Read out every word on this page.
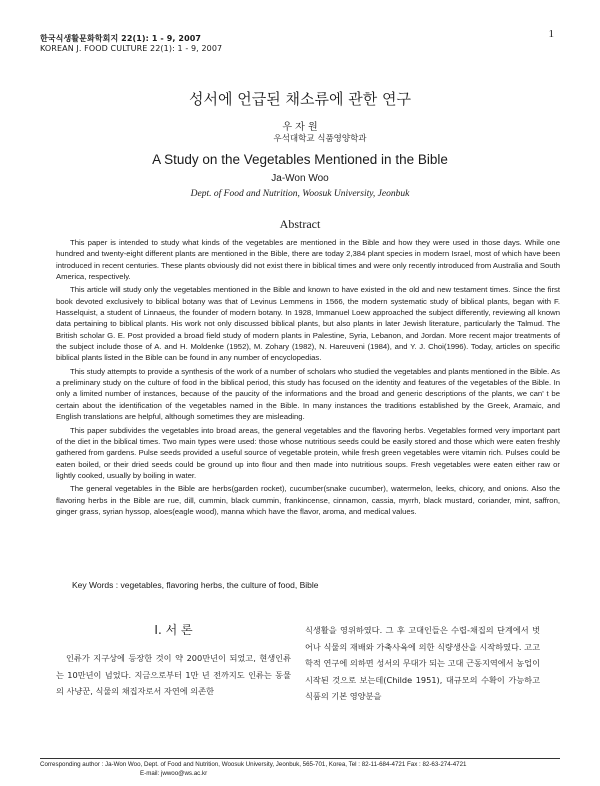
한국식생활문화학회지 22(1): 1 - 9, 2007
KOREAN J. FOOD CULTURE 22(1): 1 - 9, 2007
1
성서에 언급된 채소류에 관한 연구
우 자 원
우석대학교 식품영양학과
A Study on the Vegetables Mentioned in the Bible
Ja-Won Woo
Dept. of Food and Nutrition, Woosuk University, Jeonbuk
Abstract

This paper is intended to study what kinds of the vegetables are mentioned in the Bible and how they were used in those days. While one hundred and twenty-eight different plants are mentioned in the Bible, there are today 2,384 plant species in modern Israel, most of which have been introduced in recent centuries. These plants obviously did not exist there in biblical times and were only recently introduced from Australia and South America, respectively.

This article will study only the vegetables mentioned in the Bible and known to have existed in the old and new testament times. Since the first book devoted exclusively to biblical botany was that of Levinus Lemmens in 1566, the modern systematic study of biblical plants, began with F. Hasselquist, a student of Linnaeus, the founder of modern botany. In 1928, Immanuel Loew approached the subject differently, reviewing all known data pertaining to biblical plants. His work not only discussed biblical plants, but also plants in later Jewish literature, particularly the Talmud. The British scholar G. E. Post provided a broad field study of modern plants in Palestine, Syria, Lebanon, and Jordan. More recent major treatments of the subject include those of A. and H. Moldenke (1952), M. Zohary (1982), N. Hareuveni (1984), and Y. J. Choi(1996). Today, articles on specific biblical plants listed in the Bible can be found in any number of encyclopedias.

This study attempts to provide a synthesis of the work of a number of scholars who studied the vegetables and plants mentioned in the Bible. As a preliminary study on the culture of food in the biblical period, this study has focused on the identity and features of the vegetables of the Bible. In only a limited number of instances, because of the paucity of the informations and the broad and generic descriptions of the plants, we can' t be certain about the identification of the vegetables named in the Bible. In many instances the traditions established by the Greek, Aramaic, and English translations are helpful, although sometimes they are misleading.

This paper subdivides the vegetables into broad areas, the general vegetables and the flavoring herbs. Vegetables formed very important part of the diet in the biblical times. Two main types were used: those whose nutritious seeds could be easily stored and those which were eaten freshly gathered from gardens. Pulse seeds provided a useful source of vegetable protein, while fresh green vegetables were vitamin rich. Pulses could be eaten boiled, or their dried seeds could be ground up into flour and then made into nutritious soups. Fresh vegetables were eaten either raw or lightly cooked, usually by boiling in water.

The general vegetables in the Bible are herbs(garden rocket), cucumber(snake cucumber), watermelon, leeks, chicory, and onions. Also the flavoring herbs in the Bible are rue, dill, cummin, black cummin, frankincense, cinnamon, cassia, myrrh, black mustard, coriander, mint, saffron, ginger grass, syrian hyssop, aloes(eagle wood), manna which have the flavor, aroma, and medical values.

Key Words : vegetables, flavoring herbs, the culture of food, Bible
I. 서 론

인류가 지구상에 등장한 것이 약 200만년이 되었고, 현생인류는 10만년이 넘었다. 지금으로부터 1만 년 전까지도 인류는 동물의 사냥꾼, 식물의 채집자로서 자연에 의존한

식생활을 영위하였다. 그 후 고대인들은 수렵-채집의 단계에서 벗어나 식물의 재배와 가축사육에 의한 식량생산을 시작하였다. 고고학적 연구에 의하면 성서의 무대가 되는 고대 근동지역에서 농업이 시작된 것으로 보는데(Childe 1951), 대규모의 수확이 가능하고 식품의 기본 영양분을

Corresponding author : Ja-Won Woo, Dept. of Food and Nutrition, Woosuk University, Jeonbuk, 565-701, Korea, Tel : 82-11-684-4721 Fax : 82-63-274-4721
E-mail: jwwoo@ws.ac.kr
